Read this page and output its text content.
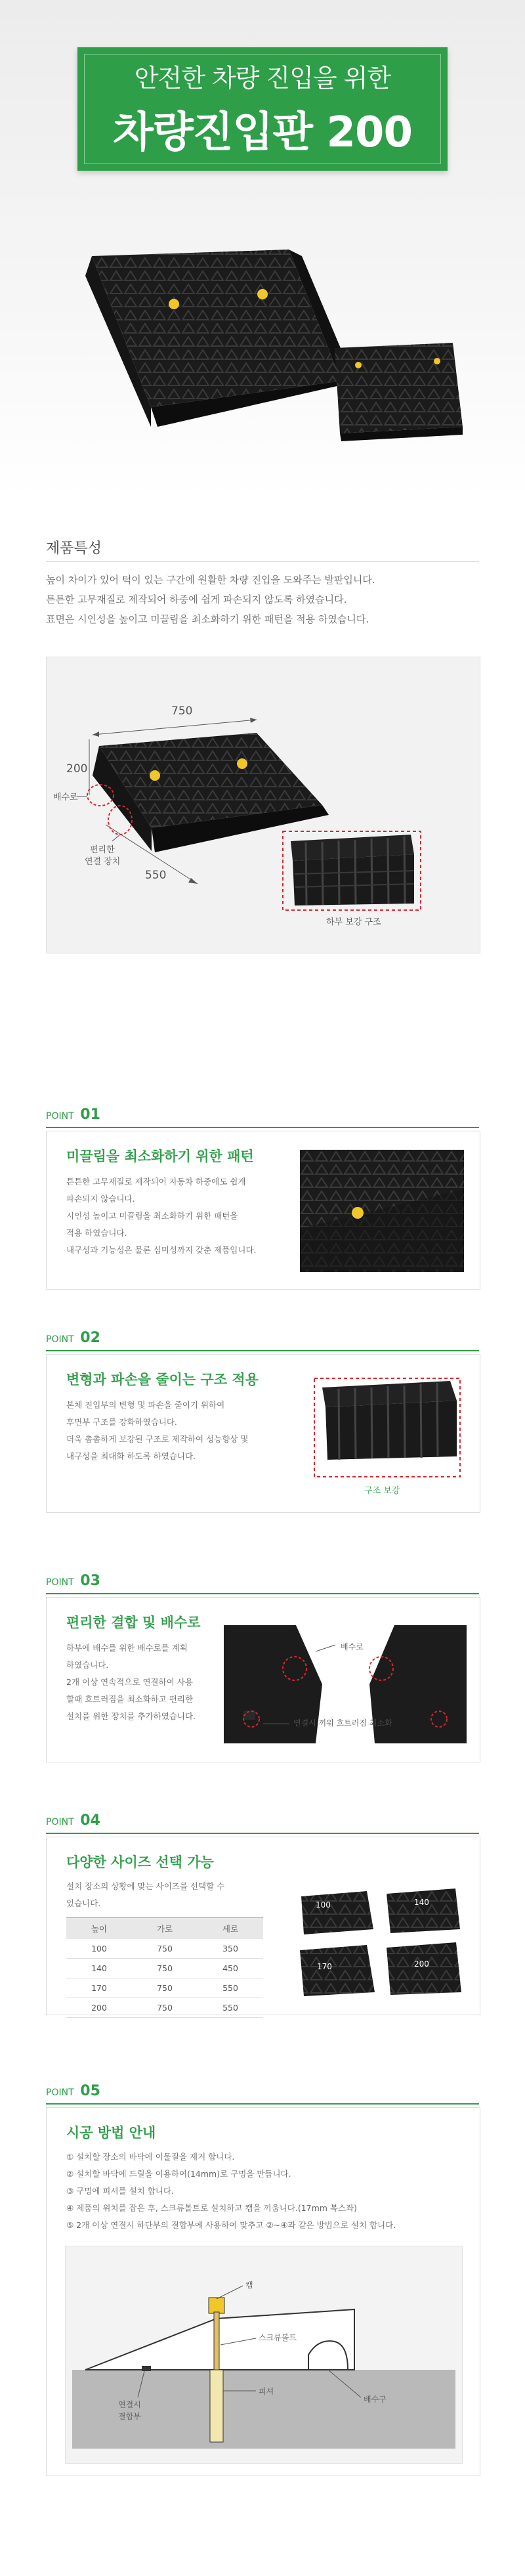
안전한 차량 진입을 위한
차량진입판 200
제품특성
높이 차이가 있어 턱이 있는 구간에 원활한 차량 진입을 도와주는 발판입니다.
튼튼한 고무재질로 제작되어 하중에 쉽게 파손되지 않도록 하였습니다.
표면은 시인성을 높이고 미끌림을 최소화하기 위한 패턴을 적용 하였습니다.
750
200
550
배수로
편리한
연결 장치
하부 보강 구조
POINT 01
미끌림을 최소화하기 위한 패턴
튼튼한 고무재질로 제작되어 자동차 하중에도 쉽게
파손되지 않습니다.
시인성 높이고 미끌림을 최소화하기 위한 패턴을
적용 하였습니다.
내구성과 기능성은 물론 심미성까지 갖춘 제품입니다.
POINT 02
변형과 파손을 줄이는 구조 적용
본체 진입부의 변형 및 파손을 줄이기 위하여
후면부 구조를 강화하였습니다.
더욱 촘촘하게 보강된 구조로 제작하여 성능향상 및
내구성을 최대화 하도록 하였습니다.
구조 보강
POINT 03
편리한 결합 및 배수로
하부에 배수를 위한 배수로를 계획
하였습니다.
2개 이상 연속적으로 연결하여 사용
할때 흐트러짐을 최소화하고 편리한
설치를 위한 장치를 추가하였습니다.
배수로
연결시 끼워 흐트러짐 최소화
POINT 04
다양한 사이즈 선택 가능
설치 장소의 상황에 맞는 사이즈를 선택할 수
있습니다.
높이	가로	세로
100	750	350
140	750	450
170	750	550
200	750	550
100	140
170	200
POINT 05
시공 방법 안내
① 설치할 장소의 바닥에 이물질을 제거 합니다.
② 설치할 바닥에 드릴을 이용하여(14mm)로 구멍을 만듭니다.
③ 구멍에 피셔를 설치 합니다.
④ 제품의 위치를 잡은 후, 스크류볼트로 설치하고 캡을 끼웁니다.(17mm 복스좌)
⑤ 2개 이상 연결시 하단부의 결합부에 사용하여 맞추고 ②~④과 같은 방법으로 설치 합니다.
캡
스크류볼트
피셔
배수구
연결시
결합부
